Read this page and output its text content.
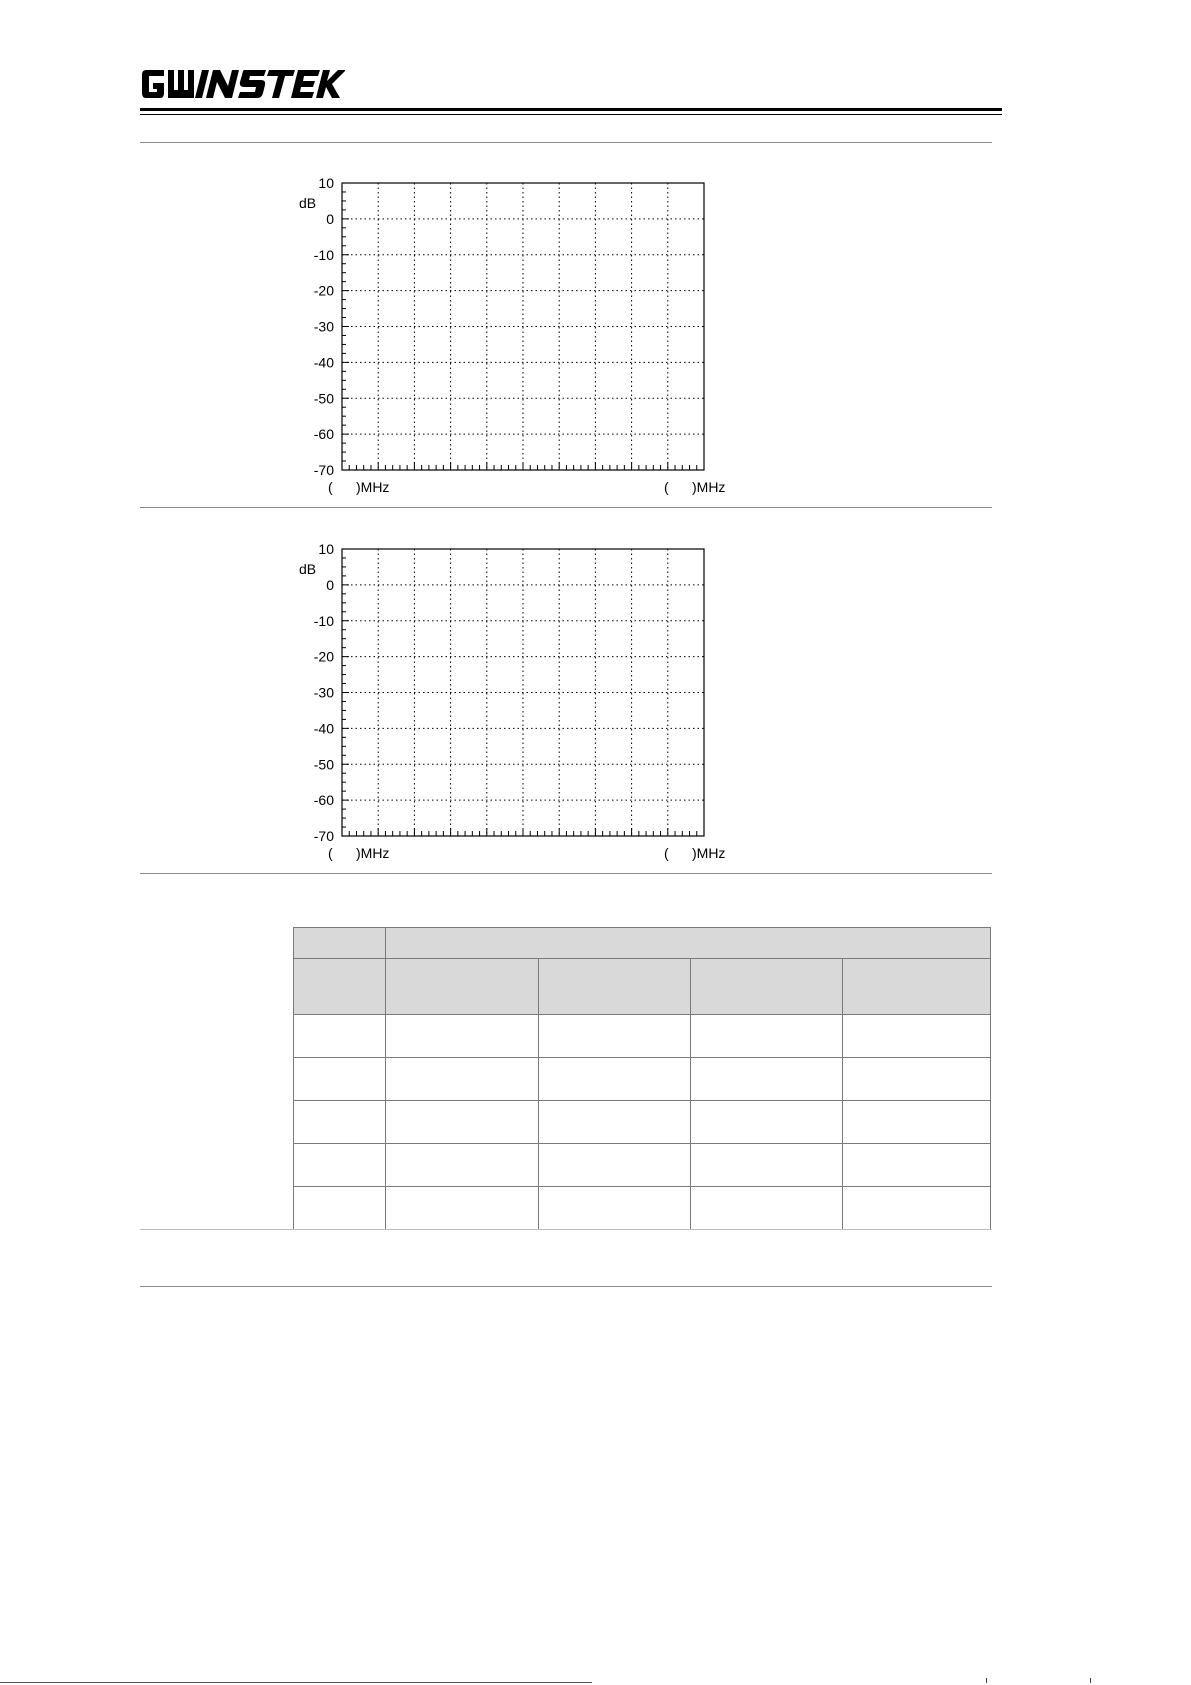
10
0
-10
-20
-30
-40
-50
-60
-70
dB
(      )MHz	(      )MHz
10
0
-10
-20
-30
-40
-50
-60
-70
dB
(      )MHz	(      )MHz
